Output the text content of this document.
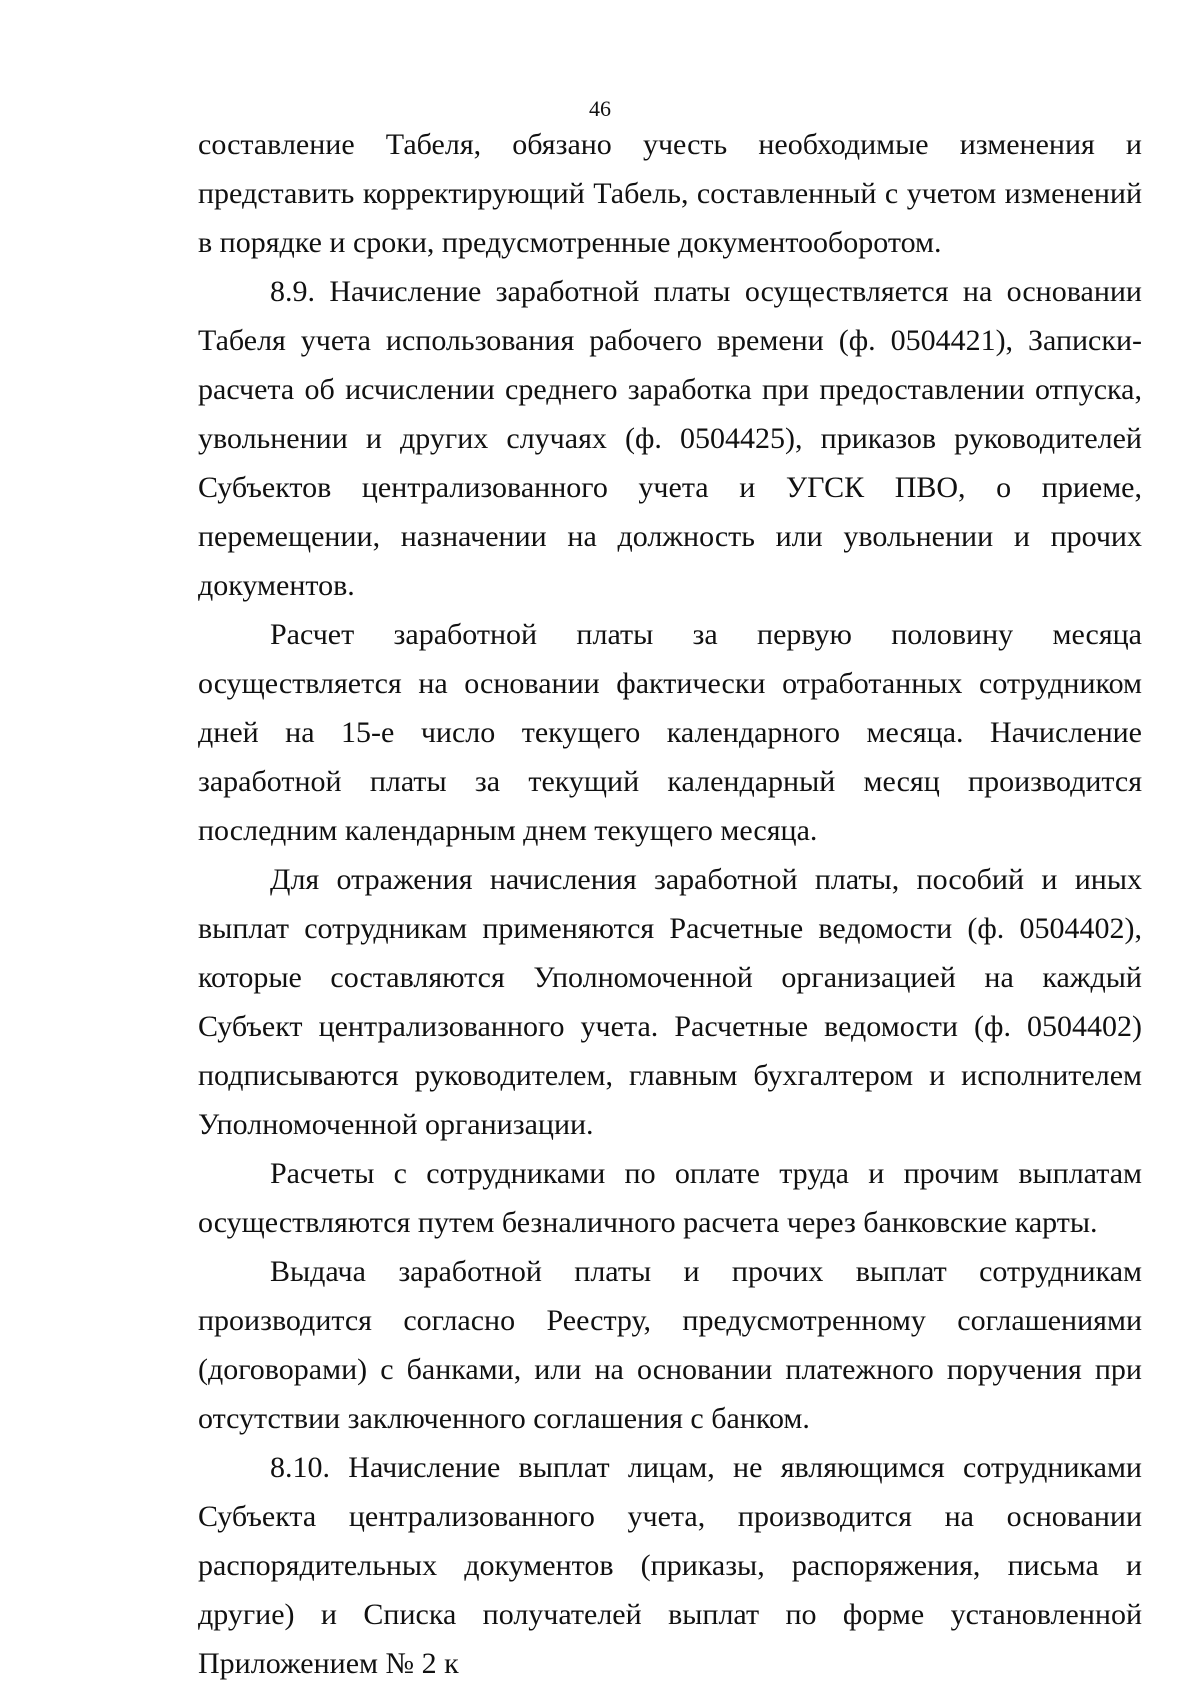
46

составление Табеля, обязано учесть необходимые изменения и представить корректирующий Табель, составленный с учетом изменений в порядке и сроки, предусмотренные документооборотом.

8.9. Начисление заработной платы осуществляется на основании Табеля учета использования рабочего времени (ф. 0504421), Записки-расчета об исчислении среднего заработка при предоставлении отпуска, увольнении и других случаях (ф. 0504425), приказов руководителей Субъектов централизованного учета и УГСК ПВО, о приеме, перемещении, назначении на должность или увольнении и прочих документов.

Расчет заработной платы за первую половину месяца осуществляется на основании фактически отработанных сотрудником дней на 15-е число текущего календарного месяца. Начисление заработной платы за текущий календарный месяц производится последним календарным днем текущего месяца.

Для отражения начисления заработной платы, пособий и иных выплат сотрудникам применяются Расчетные ведомости (ф. 0504402), которые составляются Уполномоченной организацией на каждый Субъект централизованного учета. Расчетные ведомости (ф. 0504402) подписываются руководителем, главным бухгалтером и исполнителем Уполномоченной организации.

Расчеты с сотрудниками по оплате труда и прочим выплатам осуществляются путем безналичного расчета через банковские карты.

Выдача заработной платы и прочих выплат сотрудникам производится согласно Реестру, предусмотренному соглашениями (договорами) с банками, или на основании платежного поручения при отсутствии заключенного соглашения с банком.

8.10. Начисление выплат лицам, не являющимся сотрудниками Субъекта централизованного учета, производится на основании распорядительных документов (приказы, распоряжения, письма и другие) и Списка получателей выплат по форме установленной Приложением № 2 к
